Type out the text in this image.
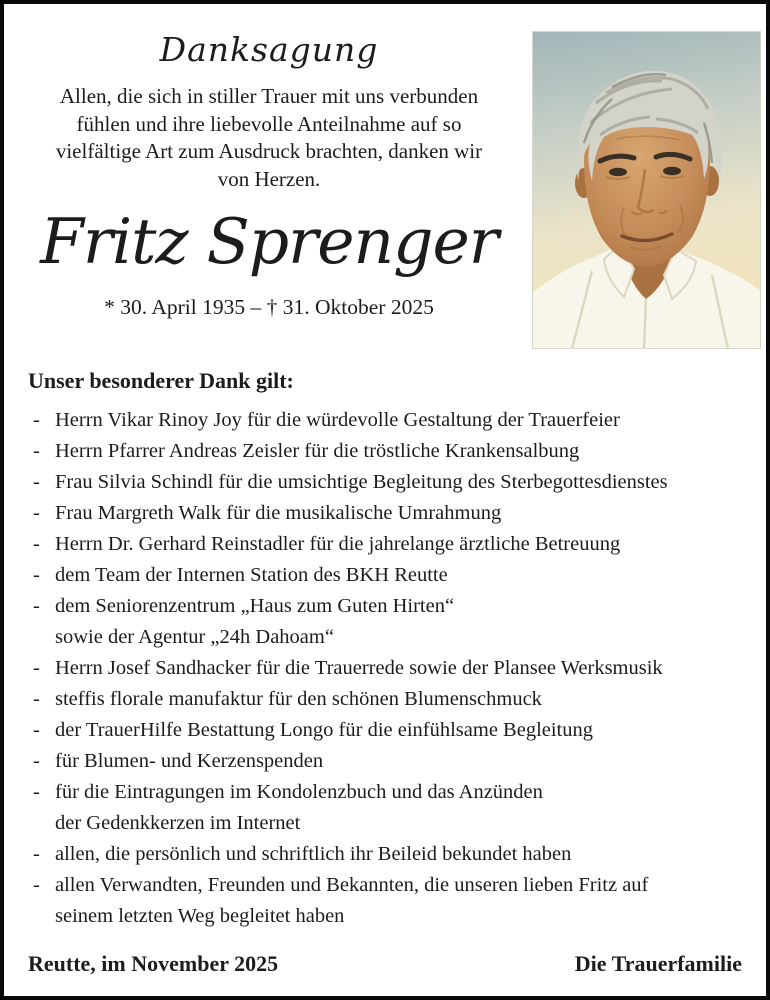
Danksagung
Allen, die sich in stiller Trauer mit uns verbunden
fühlen und ihre liebevolle Anteilnahme auf so
vielfältige Art zum Ausdruck brachten, danken wir
von Herzen.
Fritz Sprenger
* 30. April 1935 – † 31. Oktober 2025
Unser besonderer Dank gilt:
- Herrn Vikar Rinoy Joy für die würdevolle Gestaltung der Trauerfeier
- Herrn Pfarrer Andreas Zeisler für die tröstliche Krankensalbung
- Frau Silvia Schindl für die umsichtige Begleitung des Sterbegottesdienstes
- Frau Margreth Walk für die musikalische Umrahmung
- Herrn Dr. Gerhard Reinstadler für die jahrelange ärztliche Betreuung
- dem Team der Internen Station des BKH Reutte
- dem Seniorenzentrum „Haus zum Guten Hirten“
sowie der Agentur „24h Dahoam“
- Herrn Josef Sandhacker für die Trauerrede sowie der Plansee Werksmusik
- steffis florale manufaktur für den schönen Blumenschmuck
- der TrauerHilfe Bestattung Longo für die einfühlsame Begleitung
- für Blumen- und Kerzenspenden
- für die Eintragungen im Kondolenzbuch und das Anzünden
der Gedenkkerzen im Internet
- allen, die persönlich und schriftlich ihr Beileid bekundet haben
- allen Verwandten, Freunden und Bekannten, die unseren lieben Fritz auf
seinem letzten Weg begleitet haben
Reutte, im November 2025	Die Trauerfamilie
